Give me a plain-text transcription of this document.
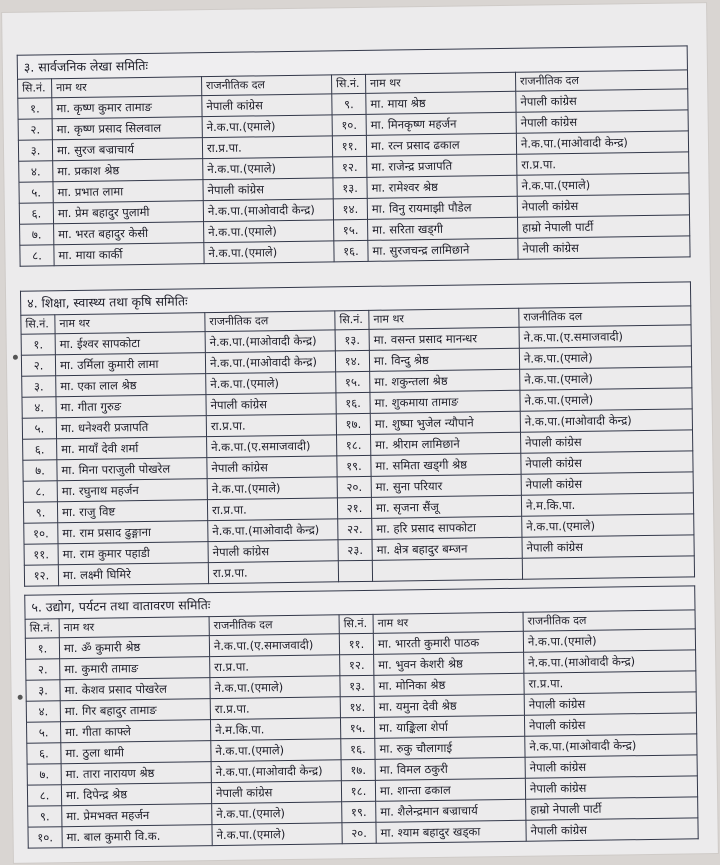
३. सार्वजनिक लेखा समितिः
सि.नं.	नाम थर	राजनीतिक दल	सि.नं.	नाम थर	राजनीतिक दल
१.	मा. कृष्ण कुमार तामाङ	नेपाली कांग्रेस	९.	मा. माया श्रेष्ठ	नेपाली कांग्रेस
२.	मा. कृष्ण प्रसाद सिलवाल	ने.क.पा.(एमाले)	१०.	मा. मिनकृष्ण महर्जन	नेपाली कांग्रेस
३.	मा. सुरज बज्राचार्य	रा.प्र.पा.	११.	मा. रत्न प्रसाद ढकाल	ने.क.पा.(माओवादी केन्द्र)
४.	मा. प्रकाश श्रेष्ठ	ने.क.पा.(एमाले)	१२.	मा. राजेन्द्र प्रजापति	रा.प्र.पा.
५.	मा. प्रभात लामा	नेपाली कांग्रेस	१३.	मा. रामेश्वर श्रेष्ठ	ने.क.पा.(एमाले)
६.	मा. प्रेम बहादुर पुलामी	ने.क.पा.(माओवादी केन्द्र)	१४.	मा. विनु रायमाझी पौडेल	नेपाली कांग्रेस
७.	मा. भरत बहादुर केसी	ने.क.पा.(एमाले)	१५.	मा. सरिता खड्गी	हाम्रो नेपाली पार्टी
८.	मा. माया कार्की	ने.क.पा.(एमाले)	१६.	मा. सुरजचन्द्र लामिछाने	नेपाली कांग्रेस
४. शिक्षा, स्वास्थ्य तथा कृषि समितिः
सि.नं.	नाम थर	राजनीतिक दल	सि.नं.	नाम थर	राजनीतिक दल
१.	मा. ईश्वर सापकोटा	ने.क.पा.(माओवादी केन्द्र)	१३.	मा. वसन्त प्रसाद मानन्धर	ने.क.पा.(ए.समाजवादी)
२.	मा. उर्मिला कुमारी लामा	ने.क.पा.(माओवादी केन्द्र)	१४.	मा. विन्दु श्रेष्ठ	ने.क.पा.(एमाले)
३.	मा. एका लाल श्रेष्ठ	ने.क.पा.(एमाले)	१५.	मा. शकुन्तला श्रेष्ठ	ने.क.पा.(एमाले)
४.	मा. गीता गुरुङ	नेपाली कांग्रेस	१६.	मा. शुकमाया तामाङ	ने.क.पा.(एमाले)
५.	मा. धनेश्वरी प्रजापति	रा.प्र.पा.	१७.	मा. शुष्पा भुजेल न्यौपाने	ने.क.पा.(माओवादी केन्द्र)
६.	मा. मायाँ देवी शर्मा	ने.क.पा.(ए.समाजवादी)	१८.	मा. श्रीराम लामिछाने	नेपाली कांग्रेस
७.	मा. मिना पराजुली पोखरेल	नेपाली कांग्रेस	१९.	मा. समिता खड्गी श्रेष्ठ	नेपाली कांग्रेस
८.	मा. रघुनाथ महर्जन	ने.क.पा.(एमाले)	२०.	मा. सुना परियार	नेपाली कांग्रेस
९.	मा. राजु विष्ट	रा.प्र.पा.	२१.	मा. सृजना सैंजू	ने.म.कि.पा.
१०.	मा. राम प्रसाद ढुङ्गाना	ने.क.पा.(माओवादी केन्द्र)	२२.	मा. हरि प्रसाद सापकोटा	ने.क.पा.(एमाले)
११.	मा. राम कुमार पहाडी	नेपाली कांग्रेस	२३.	मा. क्षेत्र बहादुर बम्जन	नेपाली कांग्रेस
१२.	मा. लक्ष्मी घिमिरे	रा.प्र.पा.			
५. उद्योग, पर्यटन तथा वातावरण समितिः
सि.नं.	नाम थर	राजनीतिक दल	सि.नं.	नाम थर	राजनीतिक दल
१.	मा. ॐ कुमारी श्रेष्ठ	ने.क.पा.(ए.समाजवादी)	११.	मा. भारती कुमारी पाठक	ने.क.पा.(एमाले)
२.	मा. कुमारी तामाङ	रा.प्र.पा.	१२.	मा. भुवन केशरी श्रेष्ठ	ने.क.पा.(माओवादी केन्द्र)
३.	मा. केशव प्रसाद पोखरेल	ने.क.पा.(एमाले)	१३.	मा. मोनिका श्रेष्ठ	रा.प्र.पा.
४.	मा. गिर बहादुर तामाङ	रा.प्र.पा.	१४.	मा. यमुना देवी श्रेष्ठ	नेपाली कांग्रेस
५.	मा. गीता काफ्ले	ने.म.कि.पा.	१५.	मा. याङ्किला शेर्पा	नेपाली कांग्रेस
६.	मा. ठुला थामी	ने.क.पा.(एमाले)	१६.	मा. रुकु चौलागाई	ने.क.पा.(माओवादी केन्द्र)
७.	मा. तारा नारायण श्रेष्ठ	ने.क.पा.(माओवादी केन्द्र)	१७.	मा. विमल ठकुरी	नेपाली कांग्रेस
८.	मा. दिपेन्द्र श्रेष्ठ	नेपाली कांग्रेस	१८.	मा. शान्ता ढकाल	नेपाली कांग्रेस
९.	मा. प्रेमभक्त महर्जन	ने.क.पा.(एमाले)	१९.	मा. शैलेन्द्रमान बज्राचार्य	हाम्रो नेपाली पार्टी
१०.	मा. बाल कुमारी वि.क.	ने.क.पा.(एमाले)	२०.	मा. श्याम बहादुर खड्का	नेपाली कांग्रेस
